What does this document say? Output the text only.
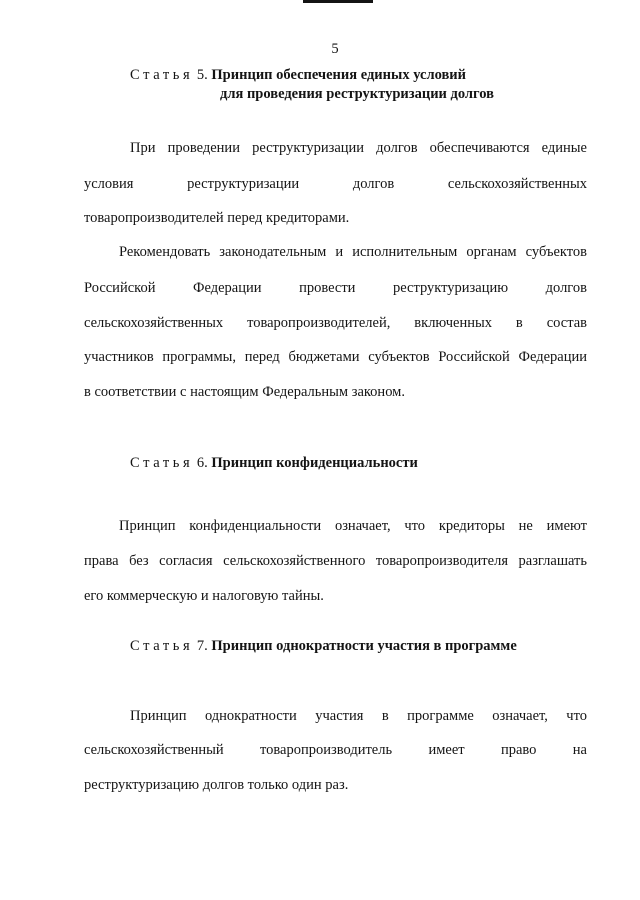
5
Статья 5. Принцип обеспечения единых условий
для проведения реструктуризации долгов
При проведении реструктуризации долгов обеспечиваются единые
условия реструктуризации долгов сельскохозяйственных
товаропроизводителей перед кредиторами.
Рекомендовать законодательным и исполнительным органам субъектов
Российской Федерации провести реструктуризацию долгов
сельскохозяйственных товаропроизводителей, включенных в состав
участников программы, перед бюджетами субъектов Российской Федерации
в соответствии с настоящим Федеральным законом.
Статья 6. Принцип конфиденциальности
Принцип конфиденциальности означает, что кредиторы не имеют
права без согласия сельскохозяйственного товаропроизводителя разглашать
его коммерческую и налоговую тайны.
Статья 7. Принцип однократности участия в программе
Принцип однократности участия в программе означает, что
сельскохозяйственный товаропроизводитель имеет право на
реструктуризацию долгов только один раз.
